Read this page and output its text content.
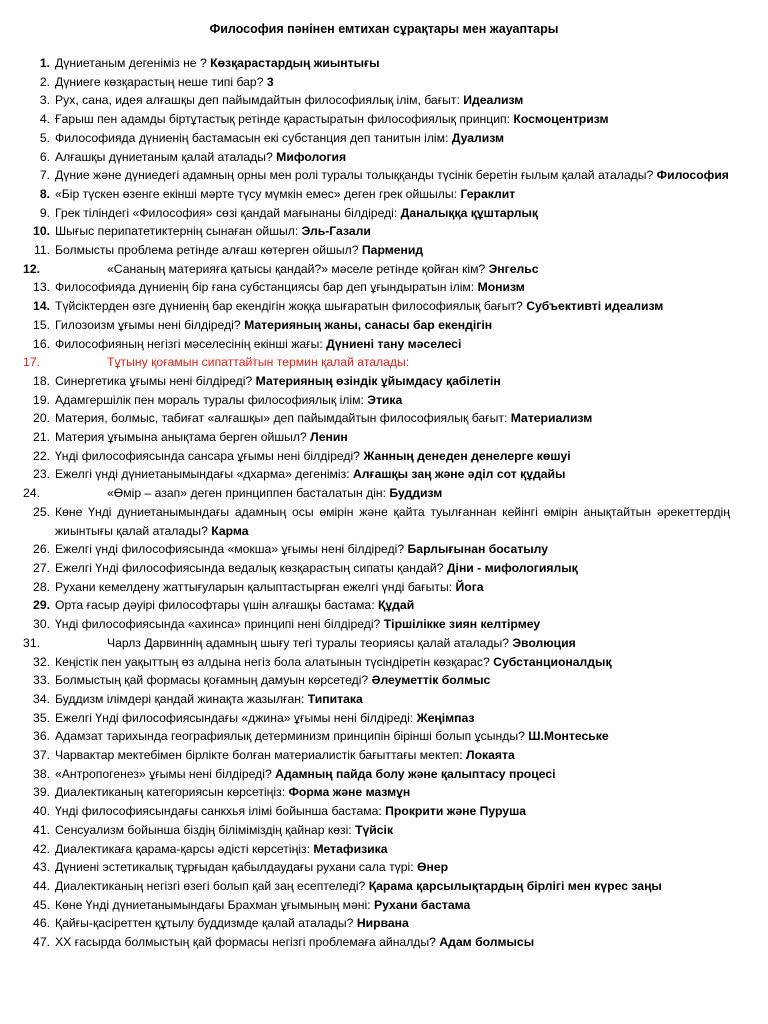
Философия пәнінен емтихан сұрақтары мен жауаптары
1. Дүниетаным дегеніміз не ? Көзқарастардың жиынтығы
2. Дүниеге көзқарастың неше типі бар? 3
3. Рух, сана, идея алғашқы деп пайымдайтын философиялық ілім, бағыт: Идеализм
4. Ғарыш пен адамды біртұтастық ретінде қарастыратын философиялық принцип: Космоцентризм
5. Философияда дүниенің бастамасын екі субстанция деп танитын ілім: Дуализм
6. Алғашқы дүниетаным қалай аталады? Мифология
7. Дүние және дүниедегі адамның орны мен ролі туралы толыққанды түсінік беретін ғылым қалай аталады? Философия
8. «Бір түскен өзенге екінші мәрте түсу мүмкін емес» деген грек ойшылы: Гераклит
9. Грек тіліндегі «Философия» сөзі қандай мағынаны білдіреді: Даналыққа құштарлық
10. Шығыс перипатетиктернің сынаған ойшыл: Эль-Газали
11. Болмысты проблема ретінде алғаш көтерген ойшыл? Парменид
12.	«Сананың материяға қатысы қандай?» мәселе ретінде қойған кім? Энгельс
13. Философияда дүниенің бір ғана субстанциясы бар деп ұғындыратын ілім: Монизм
14. Түйсіктерден өзге дүниенің бар екендігін жоққа шығаратын философиялық бағыт? Субъективті идеализм
15. Гилозоизм ұғымы нені білдіреді? Материяның жаны, санасы бар екендігін
16. Философияның негізгі мәселесінің екінші жағы: Дүниені тану мәселесі
17.	Тұтыну қоғамын сипаттайтын термин қалай аталады:
18. Синергетика ұғымы нені білдіреді? Материяның өзіндік ұйымдасу қабілетін
19. Адамгершілік пен мораль туралы философиялық ілім: Этика
20. Материя, болмыс, табиғат «алғашқы» деп пайымдайтын философиялық бағыт: Материализм
21. Материя ұғымына анықтама берген ойшыл? Ленин
22. Үнді философиясында сансара ұғымы нені білдіреді? Жанның денеден денелерге көшуі
23. Ежелгі үнді дүниетанымындағы «дхарма» дегеніміз: Алғашқы заң және әділ сот құдайы
24.	«Өмір – азап» деген принциппен басталатын дін: Буддизм
25. Көне Үнді дүниетанымындағы адамның осы өмірін және қайта туылғаннан кейінгі өмірін анықтайтын әрекеттердің жиынтығы қалай аталады? Карма
26. Ежелгі үнді философиясында «мокша» ұғымы нені білдіреді? Барлығынан босатылу
27. Ежелгі Үнді философиясында ведалық көзқарастың сипаты қандай? Діни - мифологиялық
28. Рухани кемелдену жаттығуларын қалыптастырған ежелгі үнді бағыты: Йога
29. Орта ғасыр дәуірі философтары үшін алғашқы бастама: Құдай
30. Үнді философиясында «ахинса» принципі нені білдіреді? Тіршілікке зиян келтірмеу
31.	Чарлз Дарвиннің адамның шығу тегі туралы теориясы қалай аталады? Эволюция
32. Кеңістік пен уақыттың өз алдына негіз бола алатынын түсіндіретін көзқарас? Субстанционалдық
33. Болмыстың қай формасы қоғамның дамуын көрсетеді? Әлеуметтік болмыс
34. Буддизм ілімдері қандай жинақта жазылған: Типитака
35. Ежелгі Үнді философиясындағы «джина» ұғымы нені білдіреді: Жеңімпаз
36. Адамзат тарихында географиялық детерминизм принципін бірінші болып ұсынды? Ш.Монтеське
37. Чарвактар мектебімен бірлікте болған материалистік бағыттағы мектеп: Локаята
38. «Антропогенез» ұғымы нені білдіреді? Адамның пайда болу және қалыптасу процесі
39. Диалектиканың категориясын көрсетіңіз: Форма және мазмұн
40. Үнді философиясындағы санкхья ілімі бойынша бастама: Прокрити және Пуруша
41. Сенсуализм бойынша біздің біліміміздің қайнар көзі: Түйсік
42. Диалектикаға қарама-қарсы әдісті көрсетіңіз: Метафизика
43. Дүниені эстетикалық тұрғыдан қабылдаудағы рухани сала түрі: Өнер
44. Диалектиканың негізгі өзегі болып қай заң есептеледі? Қарама қарсылықтардың бірлігі мен күрес заңы
45. Көне Үнді дүниетанымындағы Брахман ұғымының мәні: Рухани бастама
46. Қайғы-қасіреттен құтылу буддизмде қалай аталады? Нирвана
47. XX ғасырда болмыстың қай формасы негізгі проблемаға айналды? Адам болмысы
